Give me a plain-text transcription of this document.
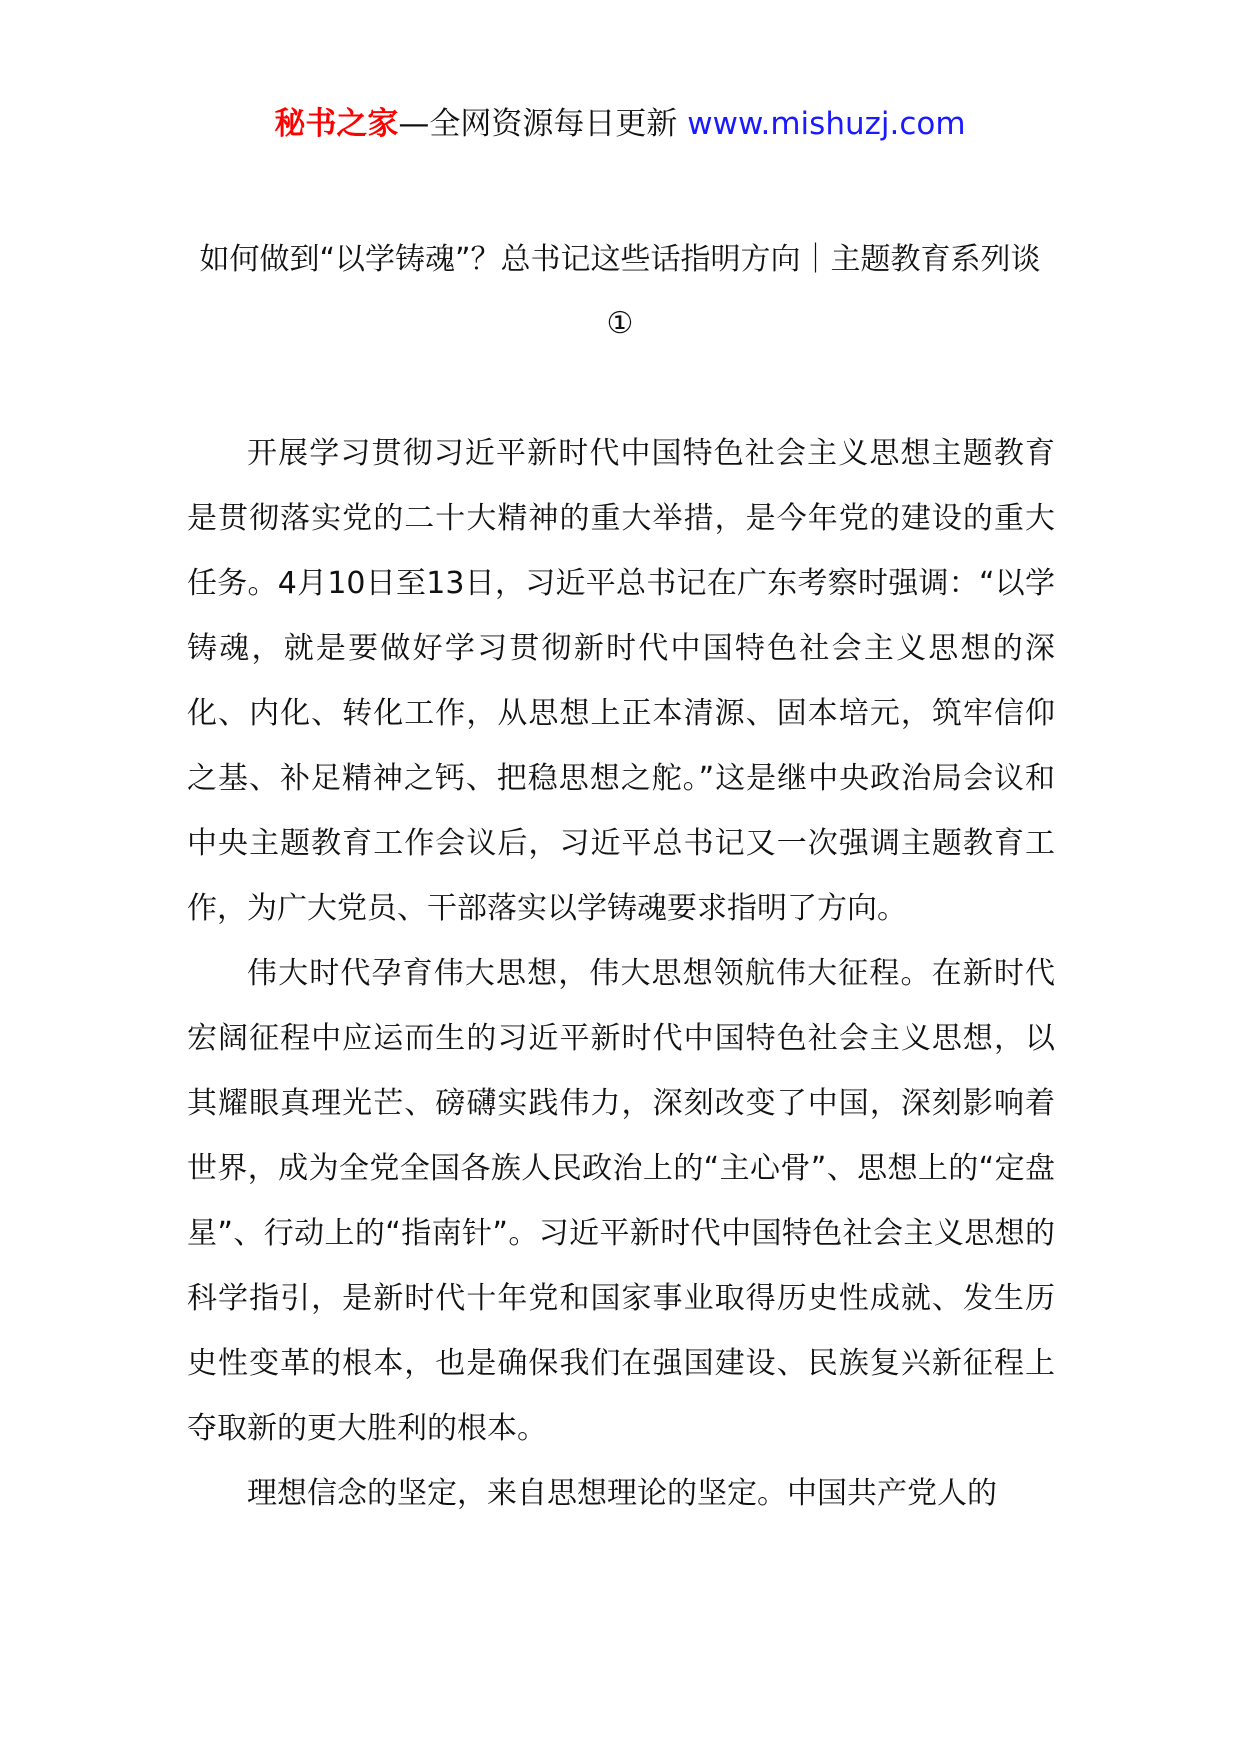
秘书之家—全网资源每日更新 www.mishuzj.com
如何做到“以学铸魂”？总书记这些话指明方向｜主题教育系列谈①

开展学习贯彻习近平新时代中国特色社会主义思想主题教育是贯彻落实党的二十大精神的重大举措，是今年党的建设的重大任务。4月10日至13日，习近平总书记在广东考察时强调：“以学铸魂，就是要做好学习贯彻新时代中国特色社会主义思想的深化、内化、转化工作，从思想上正本清源、固本培元，筑牢信仰之基、补足精神之钙、把稳思想之舵。”这是继中央政治局会议和中央主题教育工作会议后，习近平总书记又一次强调主题教育工作，为广大党员、干部落实以学铸魂要求指明了方向。

伟大时代孕育伟大思想，伟大思想领航伟大征程。在新时代宏阔征程中应运而生的习近平新时代中国特色社会主义思想，以其耀眼真理光芒、磅礴实践伟力，深刻改变了中国，深刻影响着世界，成为全党全国各族人民政治上的“主心骨”、思想上的“定盘星”、行动上的“指南针”。习近平新时代中国特色社会主义思想的科学指引，是新时代十年党和国家事业取得历史性成就、发生历史性变革的根本，也是确保我们在强国建设、民族复兴新征程上夺取新的更大胜利的根本。

理想信念的坚定，来自思想理论的坚定。中国共产党人的
